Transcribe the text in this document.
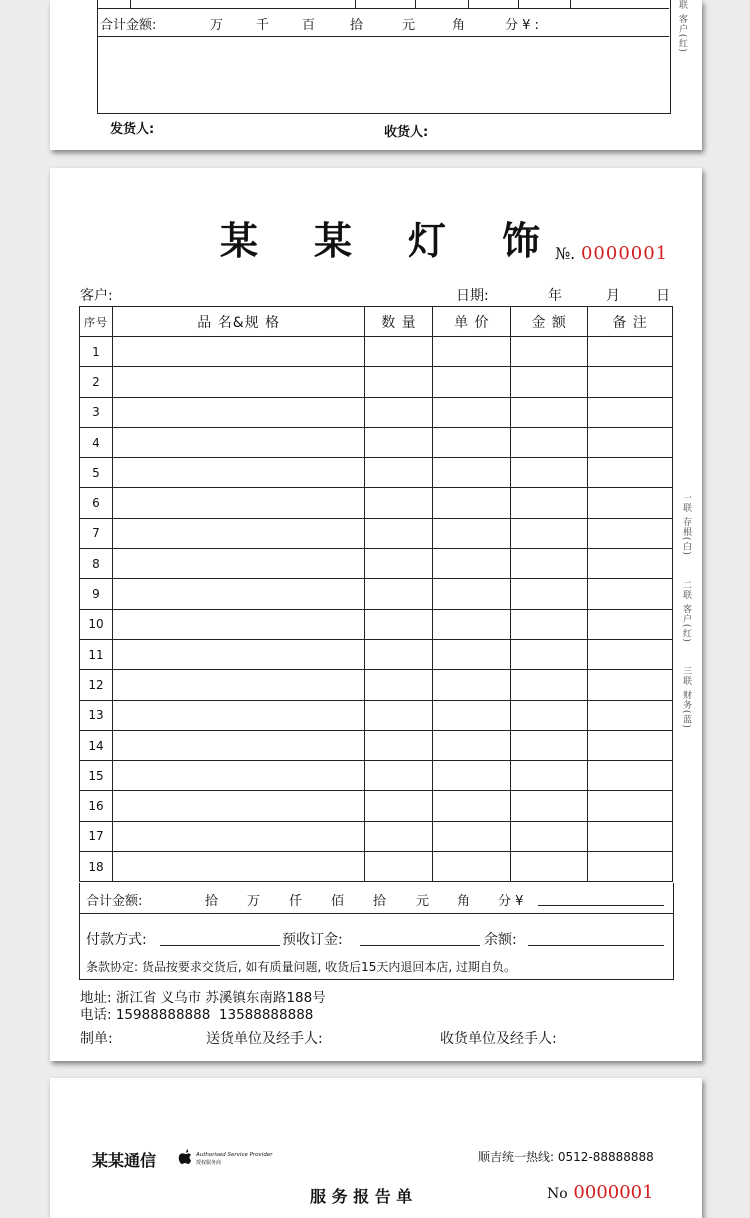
合计金额:	万	千	百	拾	元	角	分 ¥ :
发货人:	收货人:
联 客户(红)
某 某 灯 饰 №. 0000001
客户:	日期:	年	月	日
序号	品 名&规 格	数 量	单 价	金 额	备 注
1					
2					
3					
4					
5					
6					
7					
8					
9					
10					
11					
12					
13					
14					
15					
16					
17					
18					
合计金额:	拾 万 仟 佰 拾 元 角 分 ¥
付款方式:	预收订金:	余额:
条款协定: 货品按要求交货后, 如有质量问题, 收货后15天内退回本店, 过期自负。
地址: 浙江省 义乌市 苏溪镇东南路188号
电话: 15988888888  13588888888
制单:	送货单位及经手人:	收货单位及经手人:
一联 存根(白)
二联 客户(红)
三联 财务(蓝)
某某通信	Authorised Service Provider
授权服务商	顺吉统一热线: 0512-88888888
服 务 报 告 单	No 0000001
